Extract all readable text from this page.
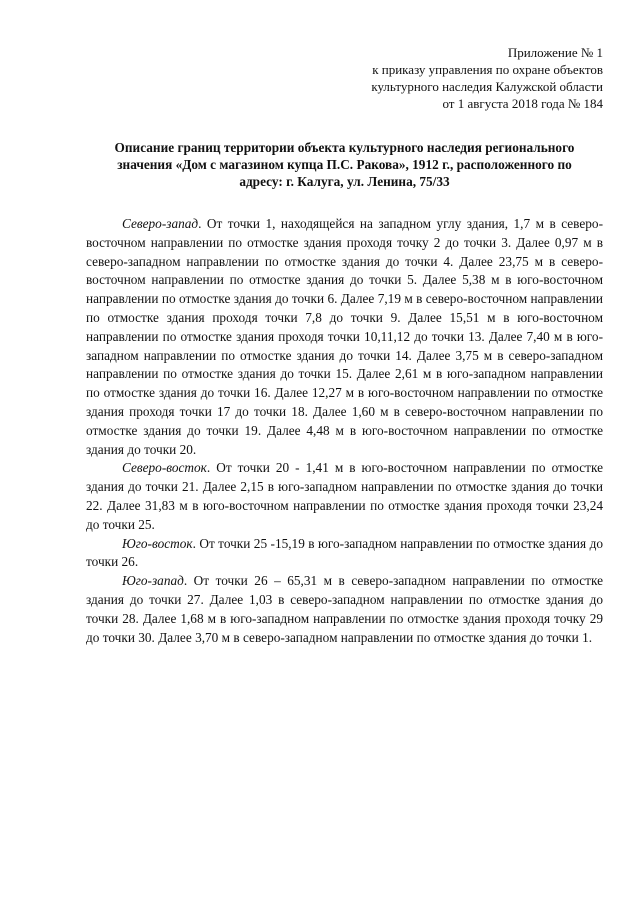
Приложение № 1
к приказу управления по охране объектов
культурного наследия Калужской области
от 1 августа 2018 года № 184
Описание границ территории объекта культурного наследия регионального
значения «Дом с магазином купца П.С. Ракова», 1912 г., расположенного по
адресу: г. Калуга, ул. Ленина, 75/33

Северо-запад. От точки 1, находящейся на западном углу здания, 1,7 м в северо-восточном направлении по отмостке здания проходя точку 2 до точки 3. Далее 0,97 м в северо-западном направлении по отмостке здания до точки 4. Далее 23,75 м в северо-восточном направлении по отмостке здания до точки 5. Далее 5,38 м в юго-восточном направлении по отмостке здания до точки 6. Далее 7,19 м в северо-восточном направлении по отмостке здания проходя точки 7,8 до точки 9. Далее 15,51 м в юго-восточном направлении по отмостке здания проходя точки 10,11,12 до точки 13. Далее 7,40 м в юго-западном направлении по отмостке здания до точки 14. Далее 3,75 м в северо-западном направлении по отмостке здания до точки 15. Далее 2,61 м в юго-западном направлении по отмостке здания до точки 16. Далее 12,27 м в юго-восточном направлении по отмостке здания проходя точки 17 до точки 18. Далее 1,60 м в северо-восточном направлении по отмостке здания до точки 19. Далее 4,48 м в юго-восточном направлении по отмостке здания до точки 20.

Северо-восток. От точки 20 - 1,41 м в юго-восточном направлении по отмостке здания до точки 21. Далее 2,15 в юго-западном направлении по отмостке здания до точки 22. Далее 31,83 м в юго-восточном направлении по отмостке здания проходя точки 23,24 до точки 25.

Юго-восток. От точки 25 -15,19 в юго-западном направлении по отмостке здания до точки 26.

Юго-запад. От точки 26 – 65,31 м в северо-западном направлении по отмостке здания до точки 27. Далее 1,03 в северо-западном направлении по отмостке здания до точки 28. Далее 1,68 м в юго-западном направлении по отмостке здания проходя точку 29 до точки 30. Далее 3,70 м в северо-западном направлении по отмостке здания до точки 1.
